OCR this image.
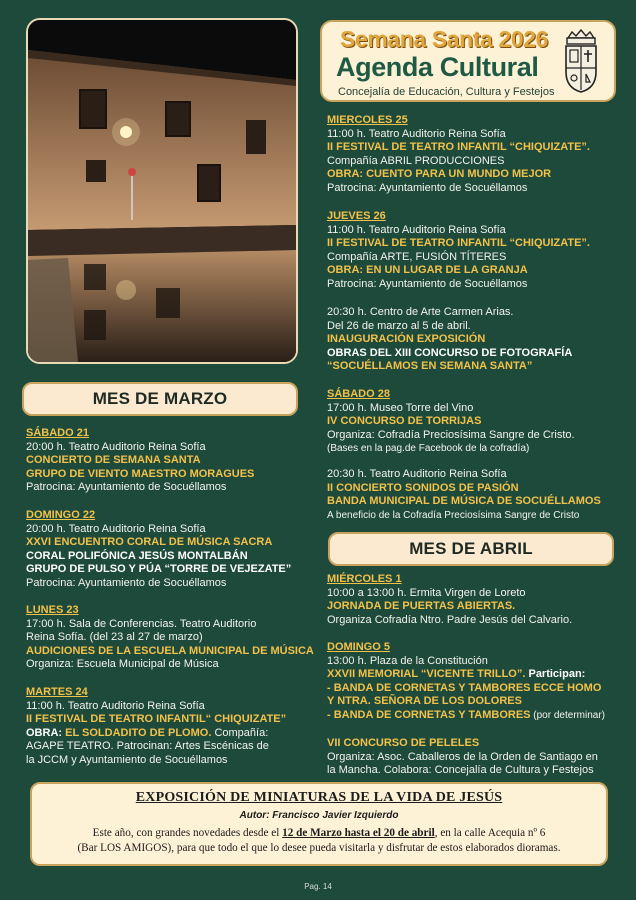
Semana Santa 2026
Agenda Cultural
Concejalía de Educación, Cultura y Festejos
MIERCOLES 25
11:00 h. Teatro Auditorio Reina Sofía
II FESTIVAL DE TEATRO INFANTIL “CHIQUIZATE”.
Compañía ABRIL PRODUCCIONES
OBRA: CUENTO PARA UN MUNDO MEJOR
Patrocina: Ayuntamiento de Socuéllamos
JUEVES 26
11:00 h. Teatro Auditorio Reina Sofía
II FESTIVAL DE TEATRO INFANTIL “CHIQUIZATE”.
Compañía ARTE, FUSIÓN TÍTERES
OBRA: EN UN LUGAR DE LA GRANJA
Patrocina: Ayuntamiento de Socuéllamos
20:30 h. Centro de Arte Carmen Arias.
Del 26 de marzo al 5 de abril.
INAUGURACIÓN EXPOSICIÓN
OBRAS DEL XIII CONCURSO DE FOTOGRAFÍA
“SOCUÉLLAMOS EN SEMANA SANTA”
SÁBADO 28
17:00 h. Museo Torre del Vino
IV CONCURSO DE TORRIJAS
Organiza: Cofradía Preciosísima Sangre de Cristo.
(Bases en la pag.de Facebook de la cofradía)
20:30 h. Teatro Auditorio Reina Sofía
II CONCIERTO SONIDOS DE PASIÓN
BANDA MUNICIPAL DE MÚSICA DE SOCUÉLLAMOS
A beneficio de la Cofradía Preciosísima Sangre de Cristo
MES DE MARZO
SÁBADO 21
20:00 h. Teatro Auditorio Reina Sofía
CONCIERTO DE SEMANA SANTA
GRUPO DE VIENTO MAESTRO MORAGUES
Patrocina: Ayuntamiento de Socuéllamos
DOMINGO 22
20:00 h. Teatro Auditorio Reina Sofía
XXVI ENCUENTRO CORAL DE MÚSICA SACRA
CORAL POLIFÓNICA JESÚS MONTALBÁN
GRUPO DE PULSO Y PÚA “TORRE DE VEJEZATE”
Patrocina: Ayuntamiento de Socuéllamos
LUNES 23
17:00 h. Sala de Conferencias. Teatro Auditorio
Reina Sofía. (del 23 al 27 de marzo)
AUDICIONES DE LA ESCUELA MUNICIPAL DE MÚSICA
Organiza: Escuela Municipal de Música
MARTES 24
11:00 h. Teatro Auditorio Reina Sofía
II FESTIVAL DE TEATRO INFANTIL“ CHIQUIZATE”
OBRA: EL SOLDADITO DE PLOMO. Compañía:
AGAPE TEATRO. Patrocinan: Artes Escénicas de
la JCCM y Ayuntamiento de Socuéllamos
MES DE ABRIL
MIÉRCOLES 1
10:00 a 13:00 h. Ermita Virgen de Loreto
JORNADA DE PUERTAS ABIERTAS.
Organiza Cofradía Ntro. Padre Jesús del Calvario.
DOMINGO 5
13:00 h. Plaza de la Constitución
XXVII MEMORIAL “VICENTE TRILLO”. Participan:
- BANDA DE CORNETAS Y TAMBORES ECCE HOMO
Y NTRA. SEÑORA DE LOS DOLORES
- BANDA DE CORNETAS Y TAMBORES (por determinar)
VII CONCURSO DE PELELES
Organiza: Asoc. Caballeros de la Orden de Santiago en
la Mancha. Colabora: Concejalía de Cultura y Festejos
EXPOSICIÓN DE MINIATURAS DE LA VIDA DE JESÚS
Autor: Francisco Javier Izquierdo
Este año, con grandes novedades desde el 12 de Marzo hasta el 20 de abril, en la calle Acequia nº 6
(Bar LOS AMIGOS), para que todo el que lo desee pueda visitarla y disfrutar de estos elaborados dioramas.
Pag. 14
